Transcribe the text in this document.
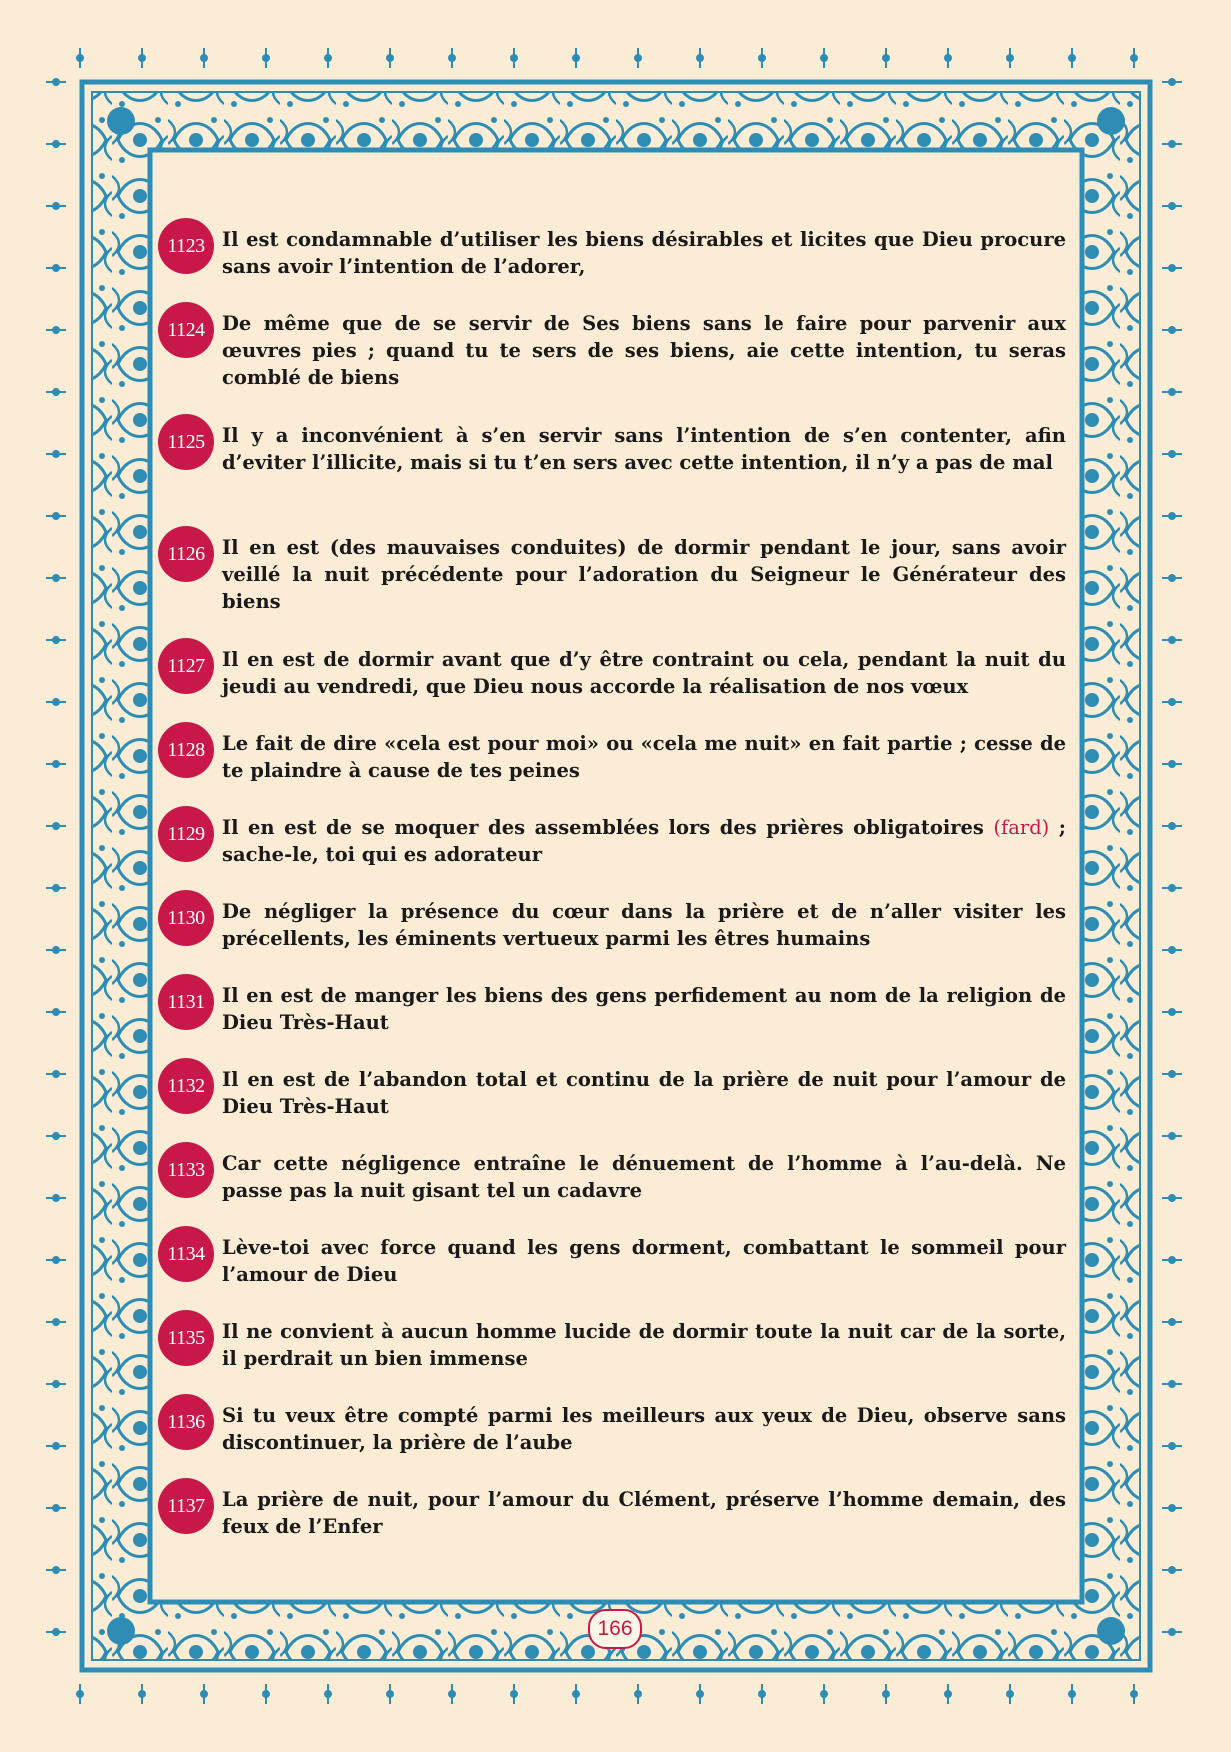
1123 Il est condamnable d’utiliser les biens désirables et licites que Dieu procure sans avoir l’intention de l’adorer,
1124 De même que de se servir de Ses biens sans le faire pour parvenir aux œuvres pies ; quand tu te sers de ses biens, aie cette intention, tu seras comblé de biens
1125 Il y a inconvénient à s’en servir sans l’intention de s’en contenter, afin d’eviter l’illicite, mais si tu t’en sers avec cette intention, il n’y a pas de mal
1126 Il en est (des mauvaises conduites) de dormir pendant le jour, sans avoir veillé la nuit précédente pour l’adoration du Seigneur le Générateur des biens
1127 Il en est de dormir avant que d’y être contraint ou cela, pendant la nuit du jeudi au vendredi, que Dieu nous accorde la réalisation de nos vœux
1128 Le fait de dire «cela est pour moi» ou «cela me nuit» en fait partie ; cesse de te plaindre à cause de tes peines
1129 Il en est de se moquer des assemblées lors des prières obligatoires (fard) ; sache-le, toi qui es adorateur
1130 De négliger la présence du cœur dans la prière et de n’aller visiter les précellents, les éminents vertueux parmi les êtres humains
1131 Il en est de manger les biens des gens perfidement au nom de la religion de Dieu Très-Haut
1132 Il en est de l’abandon total et continu de la prière de nuit pour l’amour de Dieu Très-Haut
1133 Car cette négligence entraîne le dénuement de l’homme à l’au-delà. Ne passe pas la nuit gisant tel un cadavre
1134 Lève-toi avec force quand les gens dorment, combattant le sommeil pour l’amour de Dieu
1135 Il ne convient à aucun homme lucide de dormir toute la nuit car de la sorte, il perdrait un bien immense
1136 Si tu veux être compté parmi les meilleurs aux yeux de Dieu, observe sans discontinuer, la prière de l’aube
1137 La prière de nuit, pour l’amour du Clément, préserve l’homme demain, des feux de l’Enfer
166
